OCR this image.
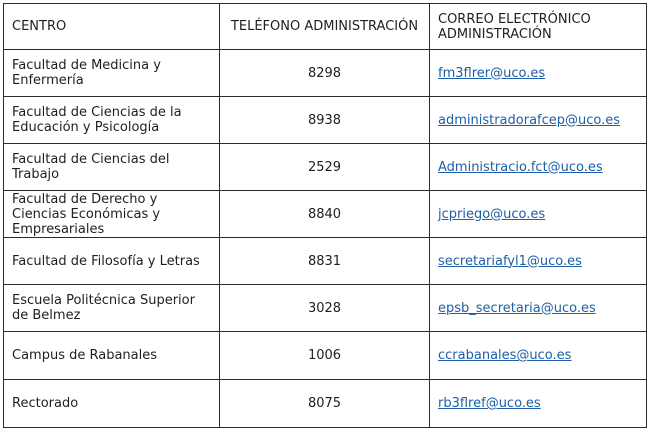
CENTRO	TELÉFONO ADMINISTRACIÓN	CORREO ELECTRÓNICO ADMINISTRACIÓN
Facultad de Medicina y Enfermería	8298	fm3flrer@uco.es
Facultad de Ciencias de la Educación y Psicología	8938	administradorafcep@uco.es
Facultad de Ciencias del Trabajo	2529	Administracio.fct@uco.es
Facultad de Derecho y Ciencias Económicas y Empresariales	8840	jcpriego@uco.es
Facultad de Filosofía y Letras	8831	secretariafyl1@uco.es
Escuela Politécnica Superior de Belmez	3028	epsb_secretaria@uco.es
Campus de Rabanales	1006	ccrabanales@uco.es
Rectorado	8075	rb3flref@uco.es
